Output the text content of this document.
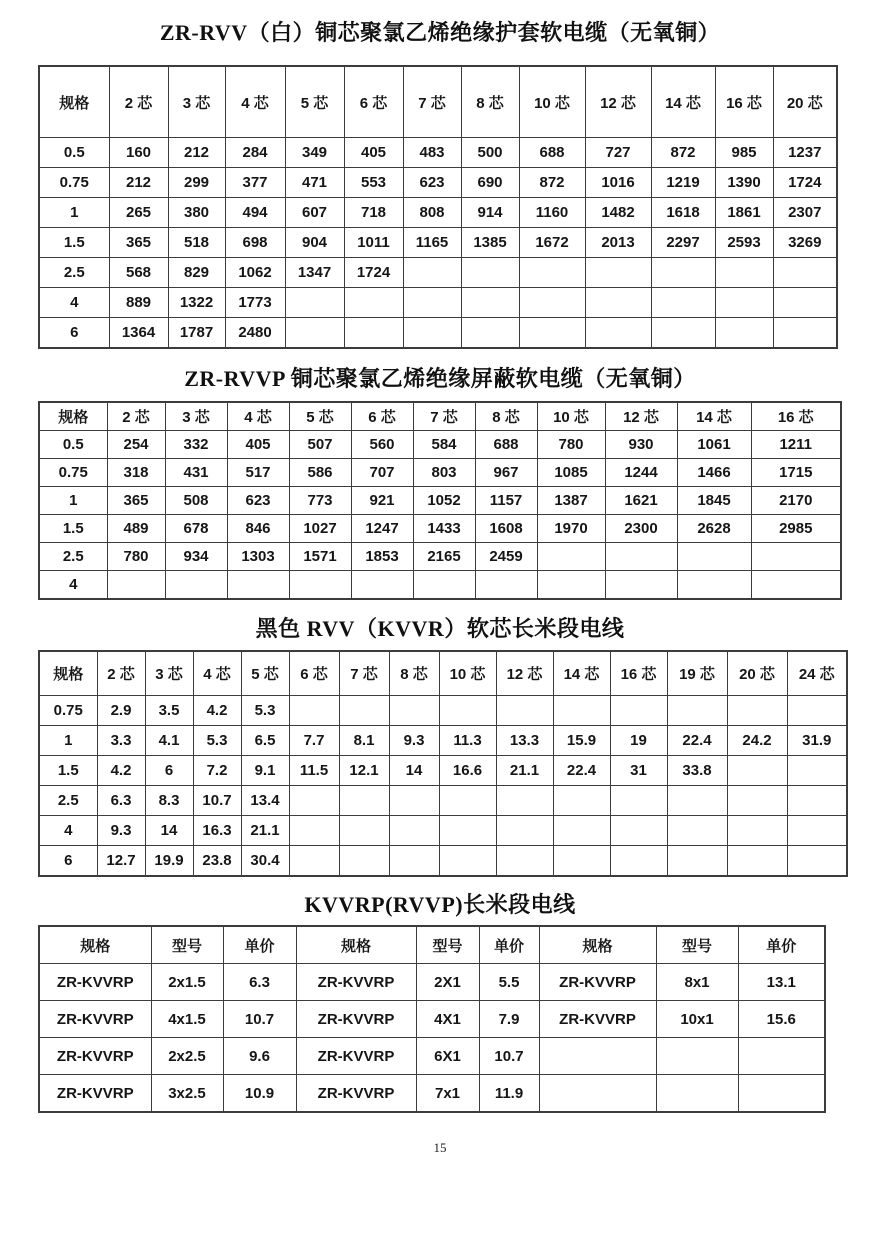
ZR-RVV（白）铜芯聚氯乙烯绝缘护套软电缆（无氧铜）
规格	2 芯	3 芯	4 芯	5 芯	6 芯	7 芯	8 芯	10 芯	12 芯	14 芯	16 芯	20 芯
0.5	160	212	284	349	405	483	500	688	727	872	985	1237
0.75	212	299	377	471	553	623	690	872	1016	1219	1390	1724
1	265	380	494	607	718	808	914	1160	1482	1618	1861	2307
1.5	365	518	698	904	1011	1165	1385	1672	2013	2297	2593	3269
2.5	568	829	1062	1347	1724							
4	889	1322	1773									
6	1364	1787	2480									
ZR-RVVP 铜芯聚氯乙烯绝缘屏蔽软电缆（无氧铜）
规格	2 芯	3 芯	4 芯	5 芯	6 芯	7 芯	8 芯	10 芯	12 芯	14 芯	16 芯
0.5	254	332	405	507	560	584	688	780	930	1061	1211
0.75	318	431	517	586	707	803	967	1085	1244	1466	1715
1	365	508	623	773	921	1052	1157	1387	1621	1845	2170
1.5	489	678	846	1027	1247	1433	1608	1970	2300	2628	2985
2.5	780	934	1303	1571	1853	2165	2459				
4											
黑色 RVV（KVVR）软芯长米段电线
规格	2 芯	3 芯	4 芯	5 芯	6 芯	7 芯	8 芯	10 芯	12 芯	14 芯	16 芯	19 芯	20 芯	24 芯
0.75	2.9	3.5	4.2	5.3										
1	3.3	4.1	5.3	6.5	7.7	8.1	9.3	11.3	13.3	15.9	19	22.4	24.2	31.9
1.5	4.2	6	7.2	9.1	11.5	12.1	14	16.6	21.1	22.4	31	33.8		
2.5	6.3	8.3	10.7	13.4										
4	9.3	14	16.3	21.1										
6	12.7	19.9	23.8	30.4										
KVVRP(RVVP)长米段电线
规格	型号	单价	规格	型号	单价	规格	型号	单价
ZR-KVVRP	2x1.5	6.3	ZR-KVVRP	2X1	5.5	ZR-KVVRP	8x1	13.1
ZR-KVVRP	4x1.5	10.7	ZR-KVVRP	4X1	7.9	ZR-KVVRP	10x1	15.6
ZR-KVVRP	2x2.5	9.6	ZR-KVVRP	6X1	10.7			
ZR-KVVRP	3x2.5	10.9	ZR-KVVRP	7x1	11.9			
15
